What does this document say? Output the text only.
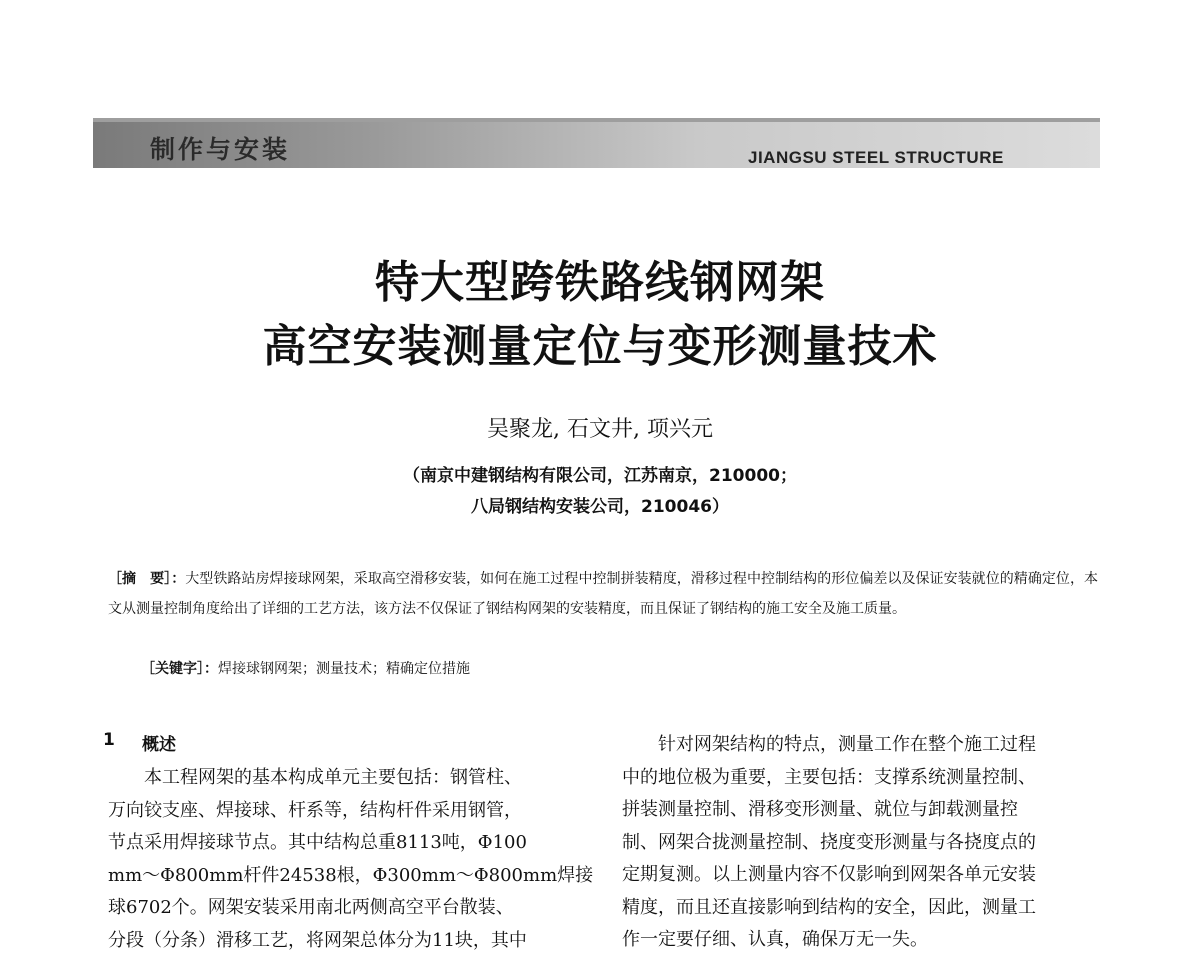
制作与安装	JIANGSU STEEL STRUCTURE
特大型跨铁路线钢网架
高空安装测量定位与变形测量技术
吴聚龙, 石文井, 项兴元
（南京中建钢结构有限公司，江苏南京，210000；
八局钢结构安装公司，210046）
［摘　要］：大型铁路站房焊接球网架，采取高空滑移安装，如何在施工过程中控制拼装精度，滑移过程中控制结构的形位偏差以及保证安装就位的精确定位，本文从测量控制角度给出了详细的工艺方法，该方法不仅保证了钢结构网架的安装精度，而且保证了钢结构的施工安全及施工质量。
［关键字］：焊接球钢网架；测量技术；精确定位措施
1 概述
　　本工程网架的基本构成单元主要包括：钢管柱、
万向铰支座、焊接球、杆系等，结构杆件采用钢管，
节点采用焊接球节点。其中结构总重8113吨，Φ100
mm～Φ800mm杆件24538根，Φ300mm～Φ800mm焊接
球6702个。网架安装采用南北两侧高空平台散装、
分段（分条）滑移工艺，将网架总体分为11块，其中
　　针对网架结构的特点，测量工作在整个施工过程
中的地位极为重要，主要包括：支撑系统测量控制、
拼装测量控制、滑移变形测量、就位与卸载测量控
制、网架合拢测量控制、挠度变形测量与各挠度点的
定期复测。以上测量内容不仅影响到网架各单元安装
精度，而且还直接影响到结构的安全，因此，测量工
作一定要仔细、认真，确保万无一失。
